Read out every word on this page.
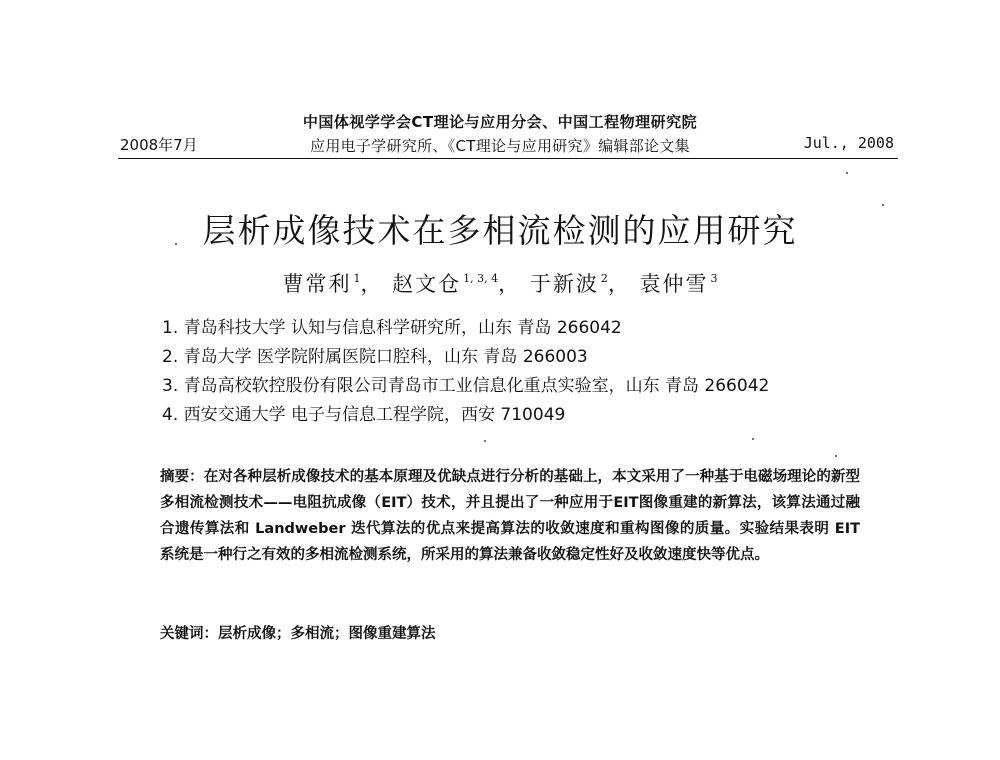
中国体视学学会CT理论与应用分会、中国工程物理研究院
应用电子学研究所、《CT理论与应用研究》编辑部论文集
2008年7月	Jul., 2008
层析成像技术在多相流检测的应用研究
曹常利 $^1$， 赵文仓 $^{1, 3, 4}$， 于新波 $^2$， 袁仲雪 $^3$
1. 青岛科技大学 认知与信息科学研究所，山东 青岛 266042
2. 青岛大学 医学院附属医院口腔科，山东 青岛 266003
3. 青岛高校软控股份有限公司青岛市工业信息化重点实验室，山东 青岛 266042
4. 西安交通大学 电子与信息工程学院，西安 710049
摘要：在对各种层析成像技术的基本原理及优缺点进行分析的基础上，本文采用了一种基于电磁场理论的新型多相流检测技术——电阻抗成像（EIT）技术，并且提出了一种应用于EIT图像重建的新算法，该算法通过融合遗传算法和 Landweber 迭代算法的优点来提高算法的收敛速度和重构图像的质量。实验结果表明 EIT 系统是一种行之有效的多相流检测系统，所采用的算法兼备收敛稳定性好及收敛速度快等优点。
关键词：层析成像；多相流；图像重建算法
